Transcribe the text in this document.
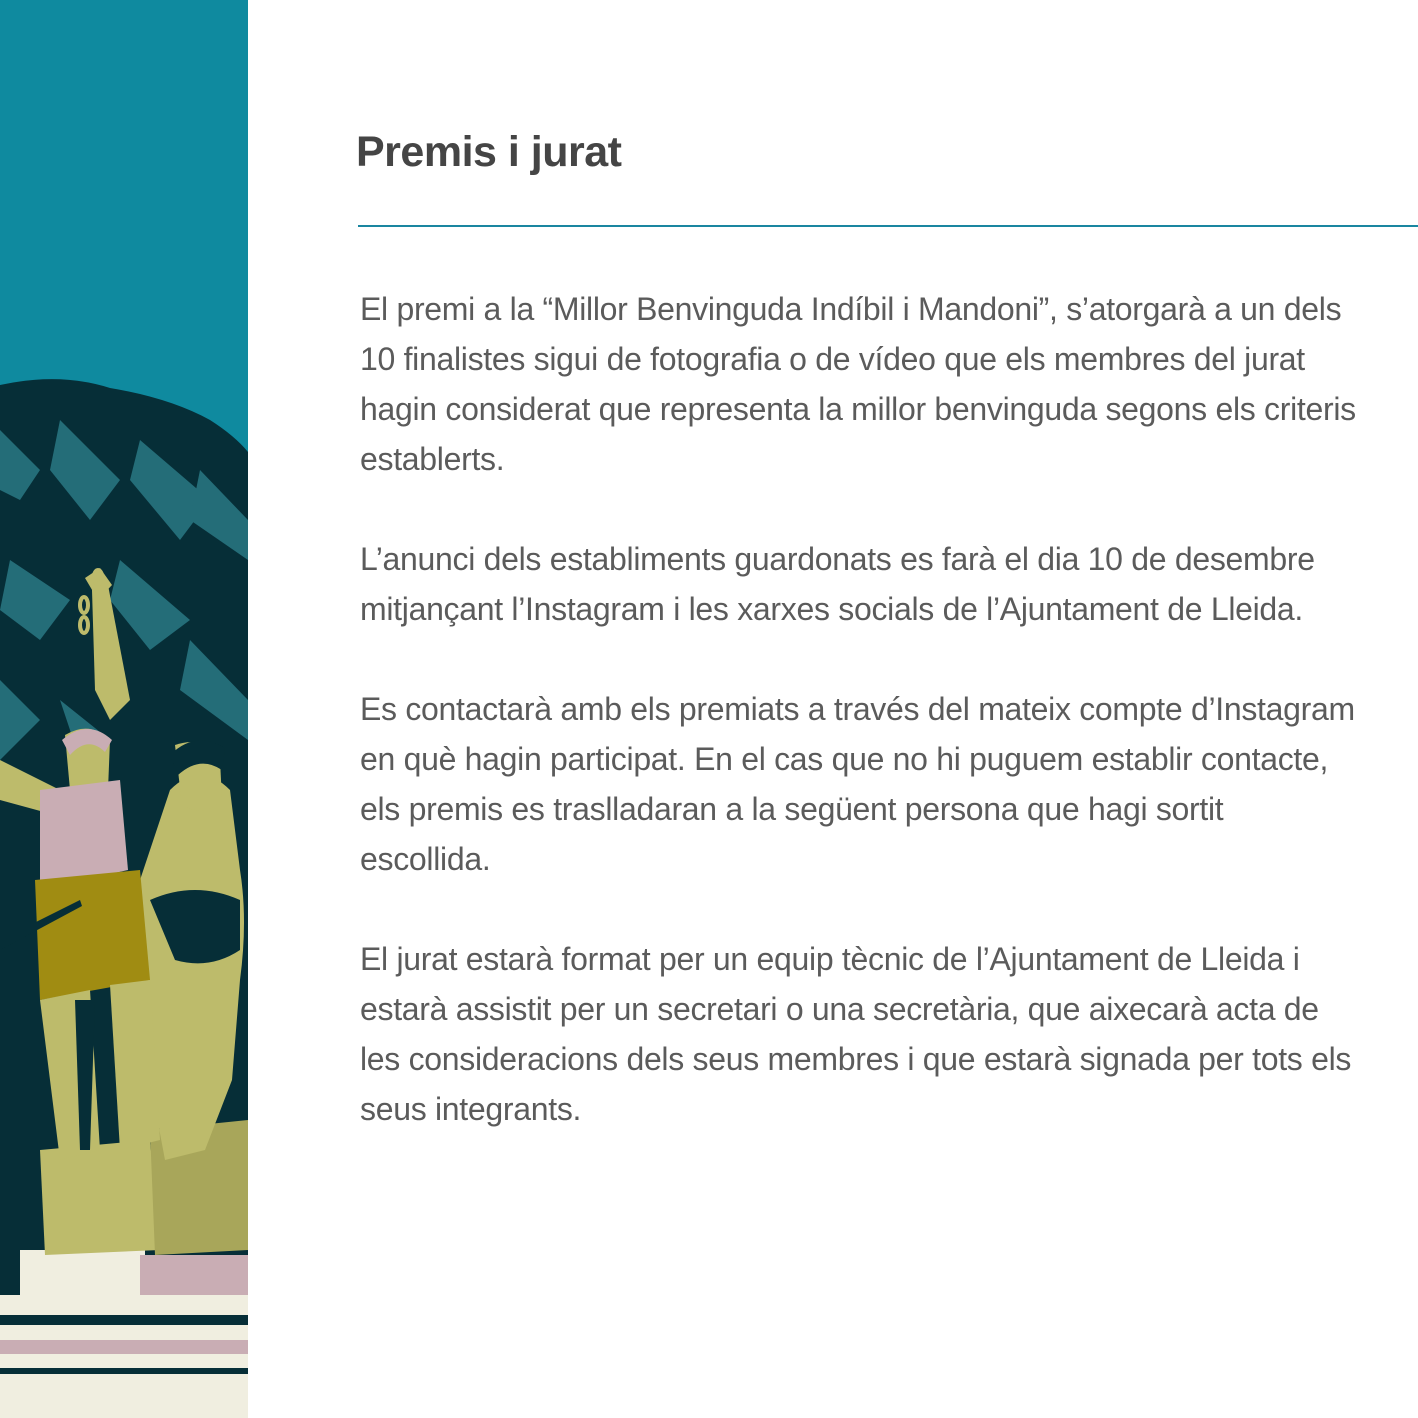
Premis i jurat

El premi a la “Millor Benvinguda Indíbil i Mandoni”, s’atorgarà a un dels 10 finalistes sigui de fotografia o de vídeo que els membres del jurat hagin considerat que representa la millor benvinguda segons els criteris establerts.

L’anunci dels establiments guardonats es farà el dia 10 de desembre mitjançant l’Instagram i les xarxes socials de l’Ajuntament de Lleida.

Es contactarà amb els premiats a través del mateix compte d’Instagram en què hagin participat. En el cas que no hi puguem establir contacte, els premis es traslladaran a la següent persona que hagi sortit escollida.

El jurat estarà format per un equip tècnic de l’Ajuntament de Lleida i estarà assistit per un secretari o una secretària, que aixecarà acta de les consideracions dels seus membres i que estarà signada per tots els seus integrants.
